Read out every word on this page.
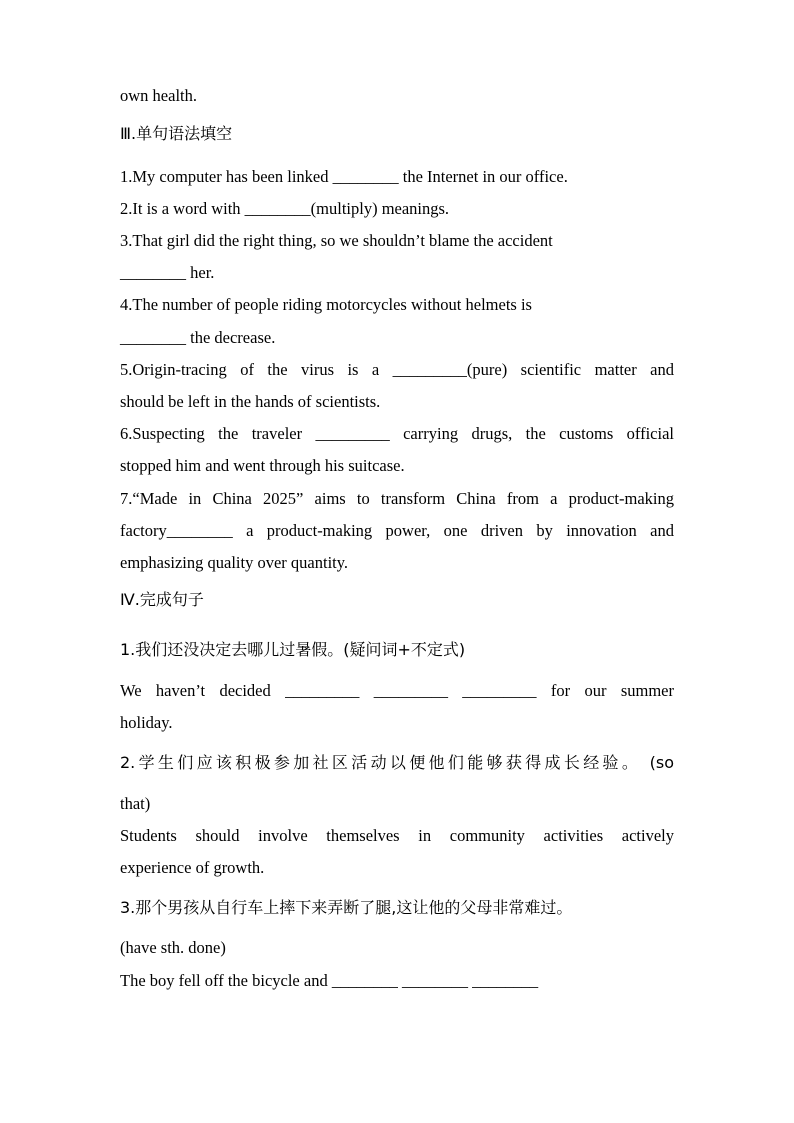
own health.
Ⅲ.单句语法填空
1.My computer has been linked ________ the Internet in our office.
2.It is a word with ________(multiply) meanings.
3.That girl did the right thing, so we shouldn’t blame the accident
________ her.
4.The number of people riding motorcycles without helmets is
________ the decrease.
5.Origin-tracing of the virus is a _________(pure) scientific matter and
should be left in the hands of scientists.
6.Suspecting the traveler _________ carrying drugs, the customs official
stopped him and went through his suitcase.
7.“Made in China 2025” aims to transform China from a product-making
factory________ a product-making power, one driven by innovation and
emphasizing quality over quantity.
Ⅳ.完成句子
1.我们还没决定去哪儿过暑假。(疑问词+不定式)
We haven’t decided _________ _________ _________ for our summer
holiday.
2.学生们应该积极参加社区活动以便他们能够获得成长经验。 (so
that)
Students should involve themselves in community activities actively
experience of growth.
3.那个男孩从自行车上摔下来弄断了腿,这让他的父母非常难过。
(have sth. done)
The boy fell off the bicycle and ________ ________ ________
